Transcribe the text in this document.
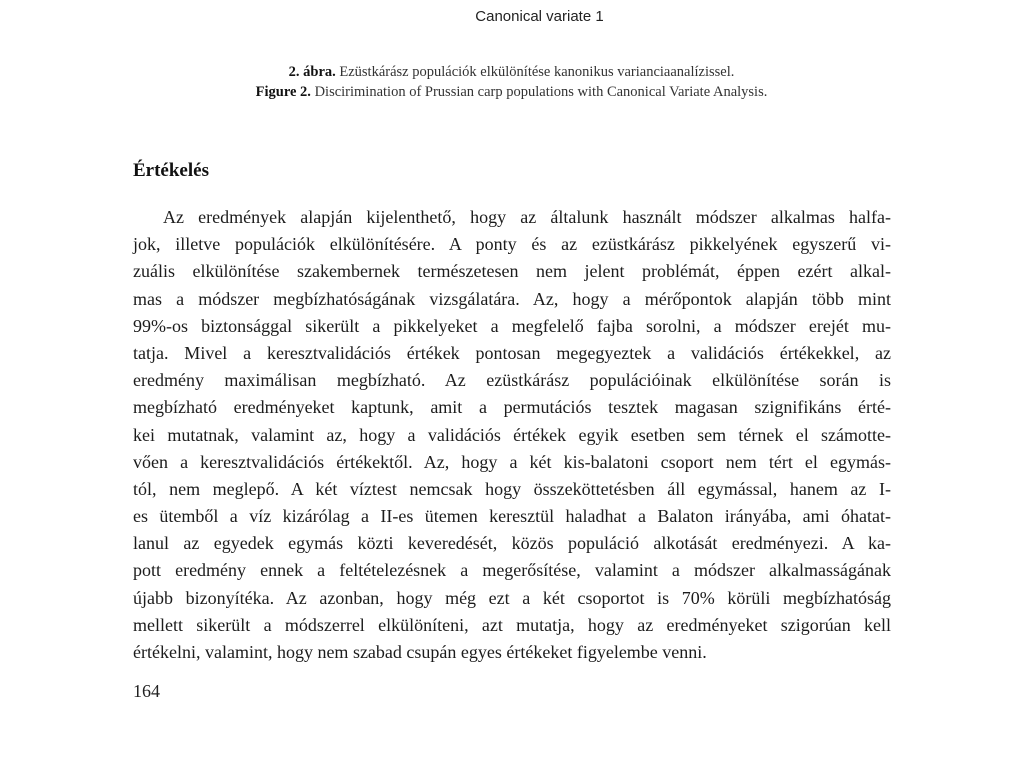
Canonical variate 1
2. ábra. Ezüstkárász populációk elkülönítése kanonikus varianciaanalízissel.
Figure 2. Discirimination of Prussian carp populations with Canonical Variate Analysis.
Értékelés
Az eredmények alapján kijelenthető, hogy az általunk használt módszer alkalmas halfa-
jok, illetve populációk elkülönítésére. A ponty és az ezüstkárász pikkelyének egyszerű vi-
zuális elkülönítése szakembernek természetesen nem jelent problémát, éppen ezért alkal-
mas a módszer megbízhatóságának vizsgálatára. Az, hogy a mérőpontok alapján több mint
99%-os biztonsággal sikerült a pikkelyeket a megfelelő fajba sorolni, a módszer erejét mu-
tatja. Mivel a keresztvalidációs értékek pontosan megegyeztek a validációs értékekkel, az
eredmény maximálisan megbízható. Az ezüstkárász populációinak elkülönítése során is
megbízható eredményeket kaptunk, amit a permutációs tesztek magasan szignifikáns érté-
kei mutatnak, valamint az, hogy a validációs értékek egyik esetben sem térnek el számotte-
vően a keresztvalidációs értékektől. Az, hogy a két kis-balatoni csoport nem tért el egymás-
tól, nem meglepő. A két víztest nemcsak hogy összeköttetésben áll egymással, hanem az I-
es ütemből a víz kizárólag a II-es ütemen keresztül haladhat a Balaton irányába, ami óhatat-
lanul az egyedek egymás közti keveredését, közös populáció alkotását eredményezi. A ka-
pott eredmény ennek a feltételezésnek a megerősítése, valamint a módszer alkalmasságának
újabb bizonyítéka. Az azonban, hogy még ezt a két csoportot is 70% körüli megbízhatóság
mellett sikerült a módszerrel elkülöníteni, azt mutatja, hogy az eredményeket szigorúan kell
értékelni, valamint, hogy nem szabad csupán egyes értékeket figyelembe venni.
164
